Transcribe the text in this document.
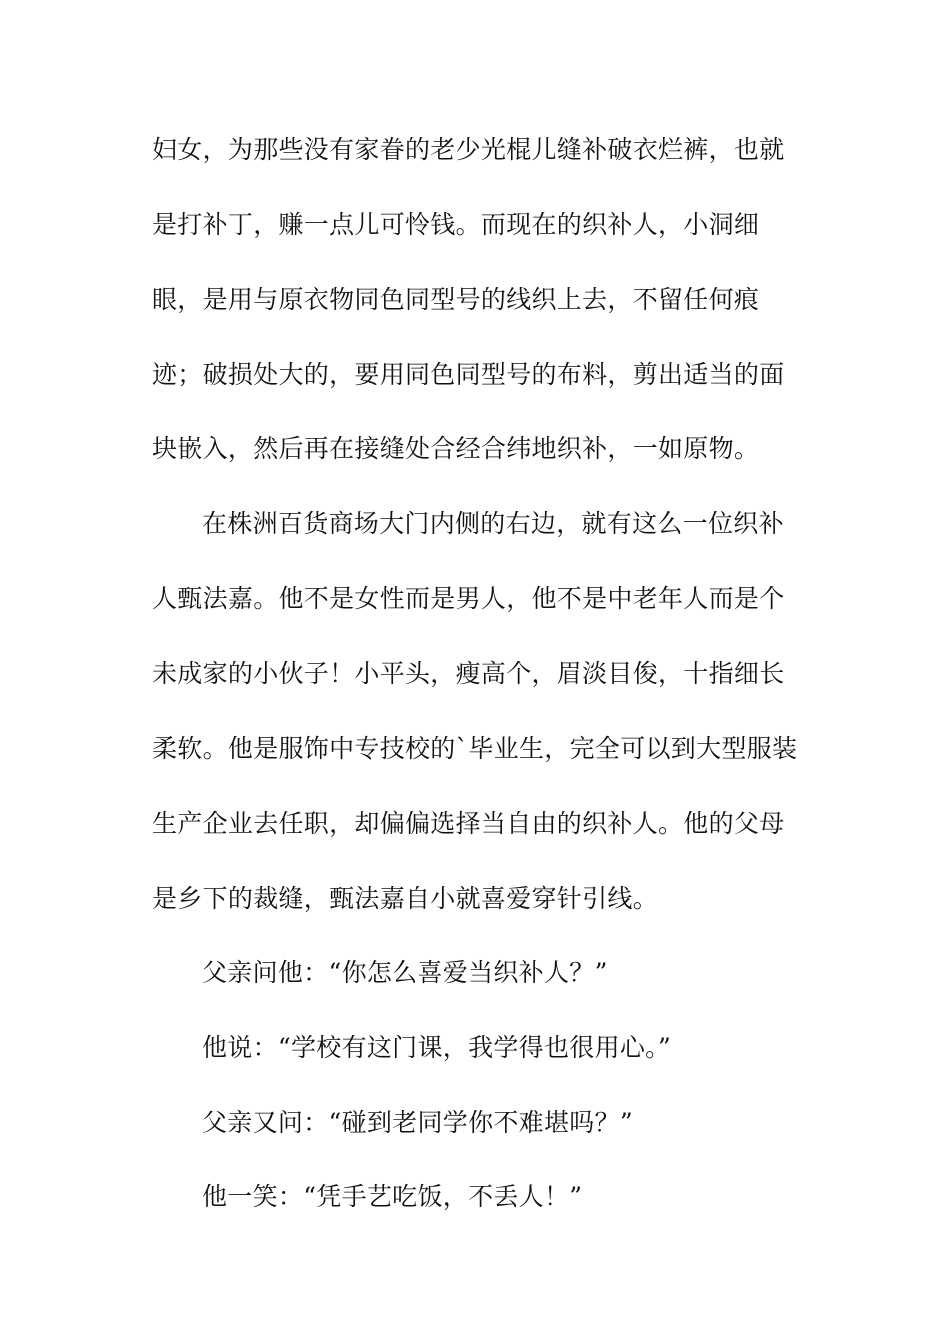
妇女，为那些没有家眷的老少光棍儿缝补破衣烂裤，也就
是打补丁，赚一点儿可怜钱。而现在的织补人，小洞细
眼，是用与原衣物同色同型号的线织上去，不留任何痕
迹；破损处大的，要用同色同型号的布料，剪出适当的面
块嵌入，然后再在接缝处合经合纬地织补，一如原物。
在株洲百货商场大门内侧的右边，就有这么一位织补
人甄法嘉。他不是女性而是男人，他不是中老年人而是个
未成家的小伙子！小平头，瘦高个，眉淡目俊，十指细长
柔软。他是服饰中专技校的`毕业生，完全可以到大型服装
生产企业去任职，却偏偏选择当自由的织补人。他的父母
是乡下的裁缝，甄法嘉自小就喜爱穿针引线。
父亲问他：“你怎么喜爱当织补人？”
他说：“学校有这门课，我学得也很用心。”
父亲又问：“碰到老同学你不难堪吗？”
他一笑：“凭手艺吃饭，不丢人！”
